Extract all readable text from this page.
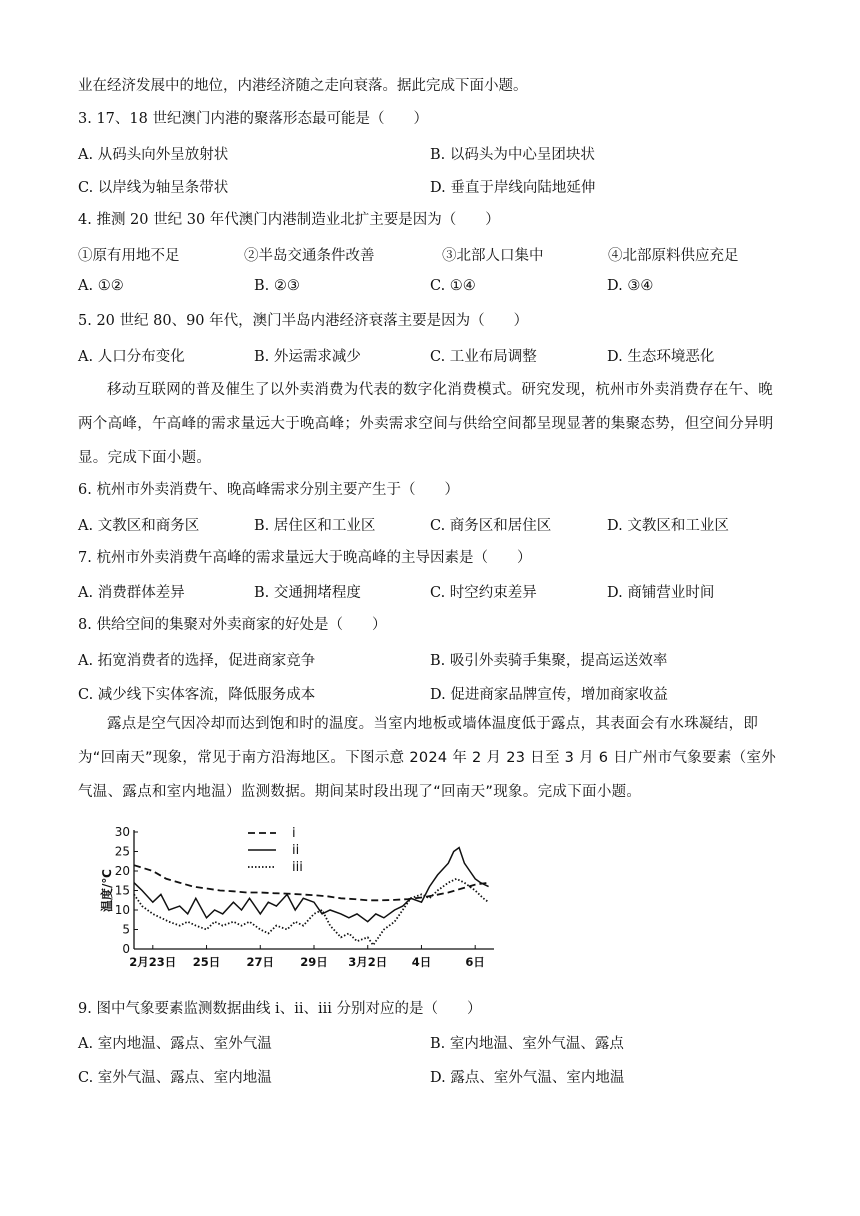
业在经济发展中的地位，内港经济随之走向衰落。据此完成下面小题。
3. 17、18 世纪澳门内港的聚落形态最可能是（　　）
A. 从码头向外呈放射状	B. 以码头为中心呈团块状
C. 以岸线为轴呈条带状	D. 垂直于岸线向陆地延伸
4. 推测 20 世纪 30 年代澳门内港制造业北扩主要是因为（　　）
①原有用地不足	②半岛交通条件改善	③北部人口集中	④北部原料供应充足
A. ①②	B. ②③	C. ①④	D. ③④
5. 20 世纪 80、90 年代，澳门半岛内港经济衰落主要是因为（　　）
A. 人口分布变化	B. 外运需求减少	C. 工业布局调整	D. 生态环境恶化
移动互联网的普及催生了以外卖消费为代表的数字化消费模式。研究发现，杭州市外卖消费存在午、晚两个高峰，午高峰的需求量远大于晚高峰；外卖需求空间与供给空间都呈现显著的集聚态势，但空间分异明显。完成下面小题。
6. 杭州市外卖消费午、晚高峰需求分别主要产生于（　　）
A. 文教区和商务区	B. 居住区和工业区	C. 商务区和居住区	D. 文教区和工业区
7. 杭州市外卖消费午高峰的需求量远大于晚高峰的主导因素是（　　）
A. 消费群体差异	B. 交通拥堵程度	C. 时空约束差异	D. 商铺营业时间
8. 供给空间的集聚对外卖商家的好处是（　　）
A. 拓宽消费者的选择，促进商家竞争	B. 吸引外卖骑手集聚，提高运送效率
C. 减少线下实体客流，降低服务成本	D. 促进商家品牌宣传，增加商家收益
露点是空气因冷却而达到饱和时的温度。当室内地板或墙体温度低于露点，其表面会有水珠凝结，即为“回南天”现象，常见于南方沿海地区。下图示意 2024 年 2 月 23 日至 3 月 6 日广州市气象要素（室外气温、露点和室内地温）监测数据。期间某时段出现了“回南天”现象。完成下面小题。
0
5
10
15
20
25
30
温度/℃
2月23日 25日 27日 29日 3月2日 4日	6日
i
ii
iii
9. 图中气象要素监测数据曲线 i、ii、iii 分别对应的是（　　）
A. 室内地温、露点、室外气温	B. 室内地温、室外气温、露点
C. 室外气温、露点、室内地温	D. 露点、室外气温、室内地温
